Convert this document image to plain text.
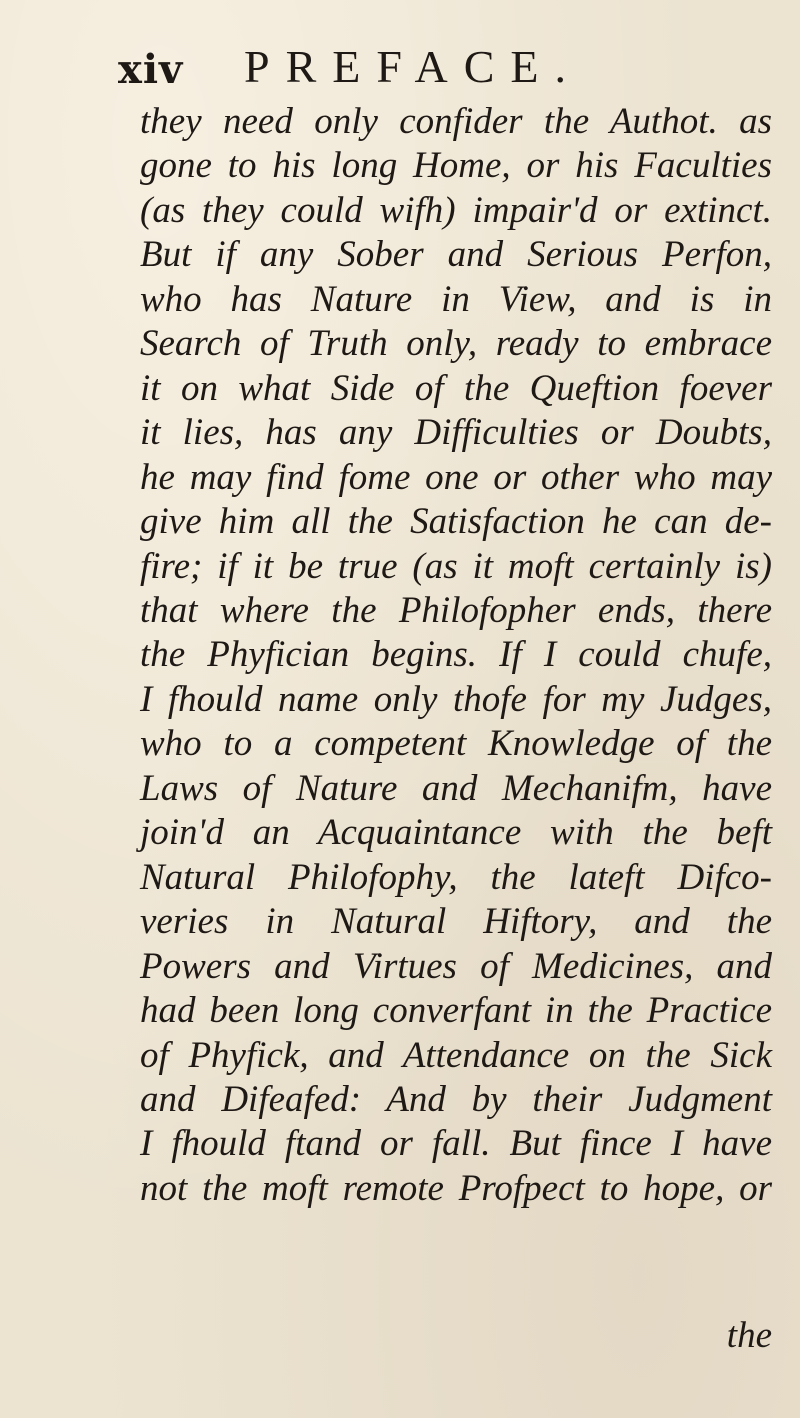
xiv PREFACE.
they need only confider the Authot. as
gone to his long Home, or his Faculties
(as they could wifh) impair'd or extinct.
But if any Sober and Serious Perfon,
who has Nature in View, and is in
Search of Truth only, ready to embrace
it on what Side of the Queftion foever
it lies, has any Difficulties or Doubts,
he may find fome one or other who may
give him all the Satisfaction he can de-
fire; if it be true (as it moft certainly is)
that where the Philofopher ends, there
the Phyfician begins. If I could chufe,
I fhould name only thofe for my Judges,
who to a competent Knowledge of the
Laws of Nature and Mechanifm, have
join'd an Acquaintance with the beft
Natural Philofophy, the lateft Difco-
veries in Natural Hiftory, and the
Powers and Virtues of Medicines, and
had been long converfant in the Practice
of Phyfick, and Attendance on the Sick
and Difeafed: And by their Judgment
I fhould ftand or fall. But fince I have
not the moft remote Profpect to hope, or
the
